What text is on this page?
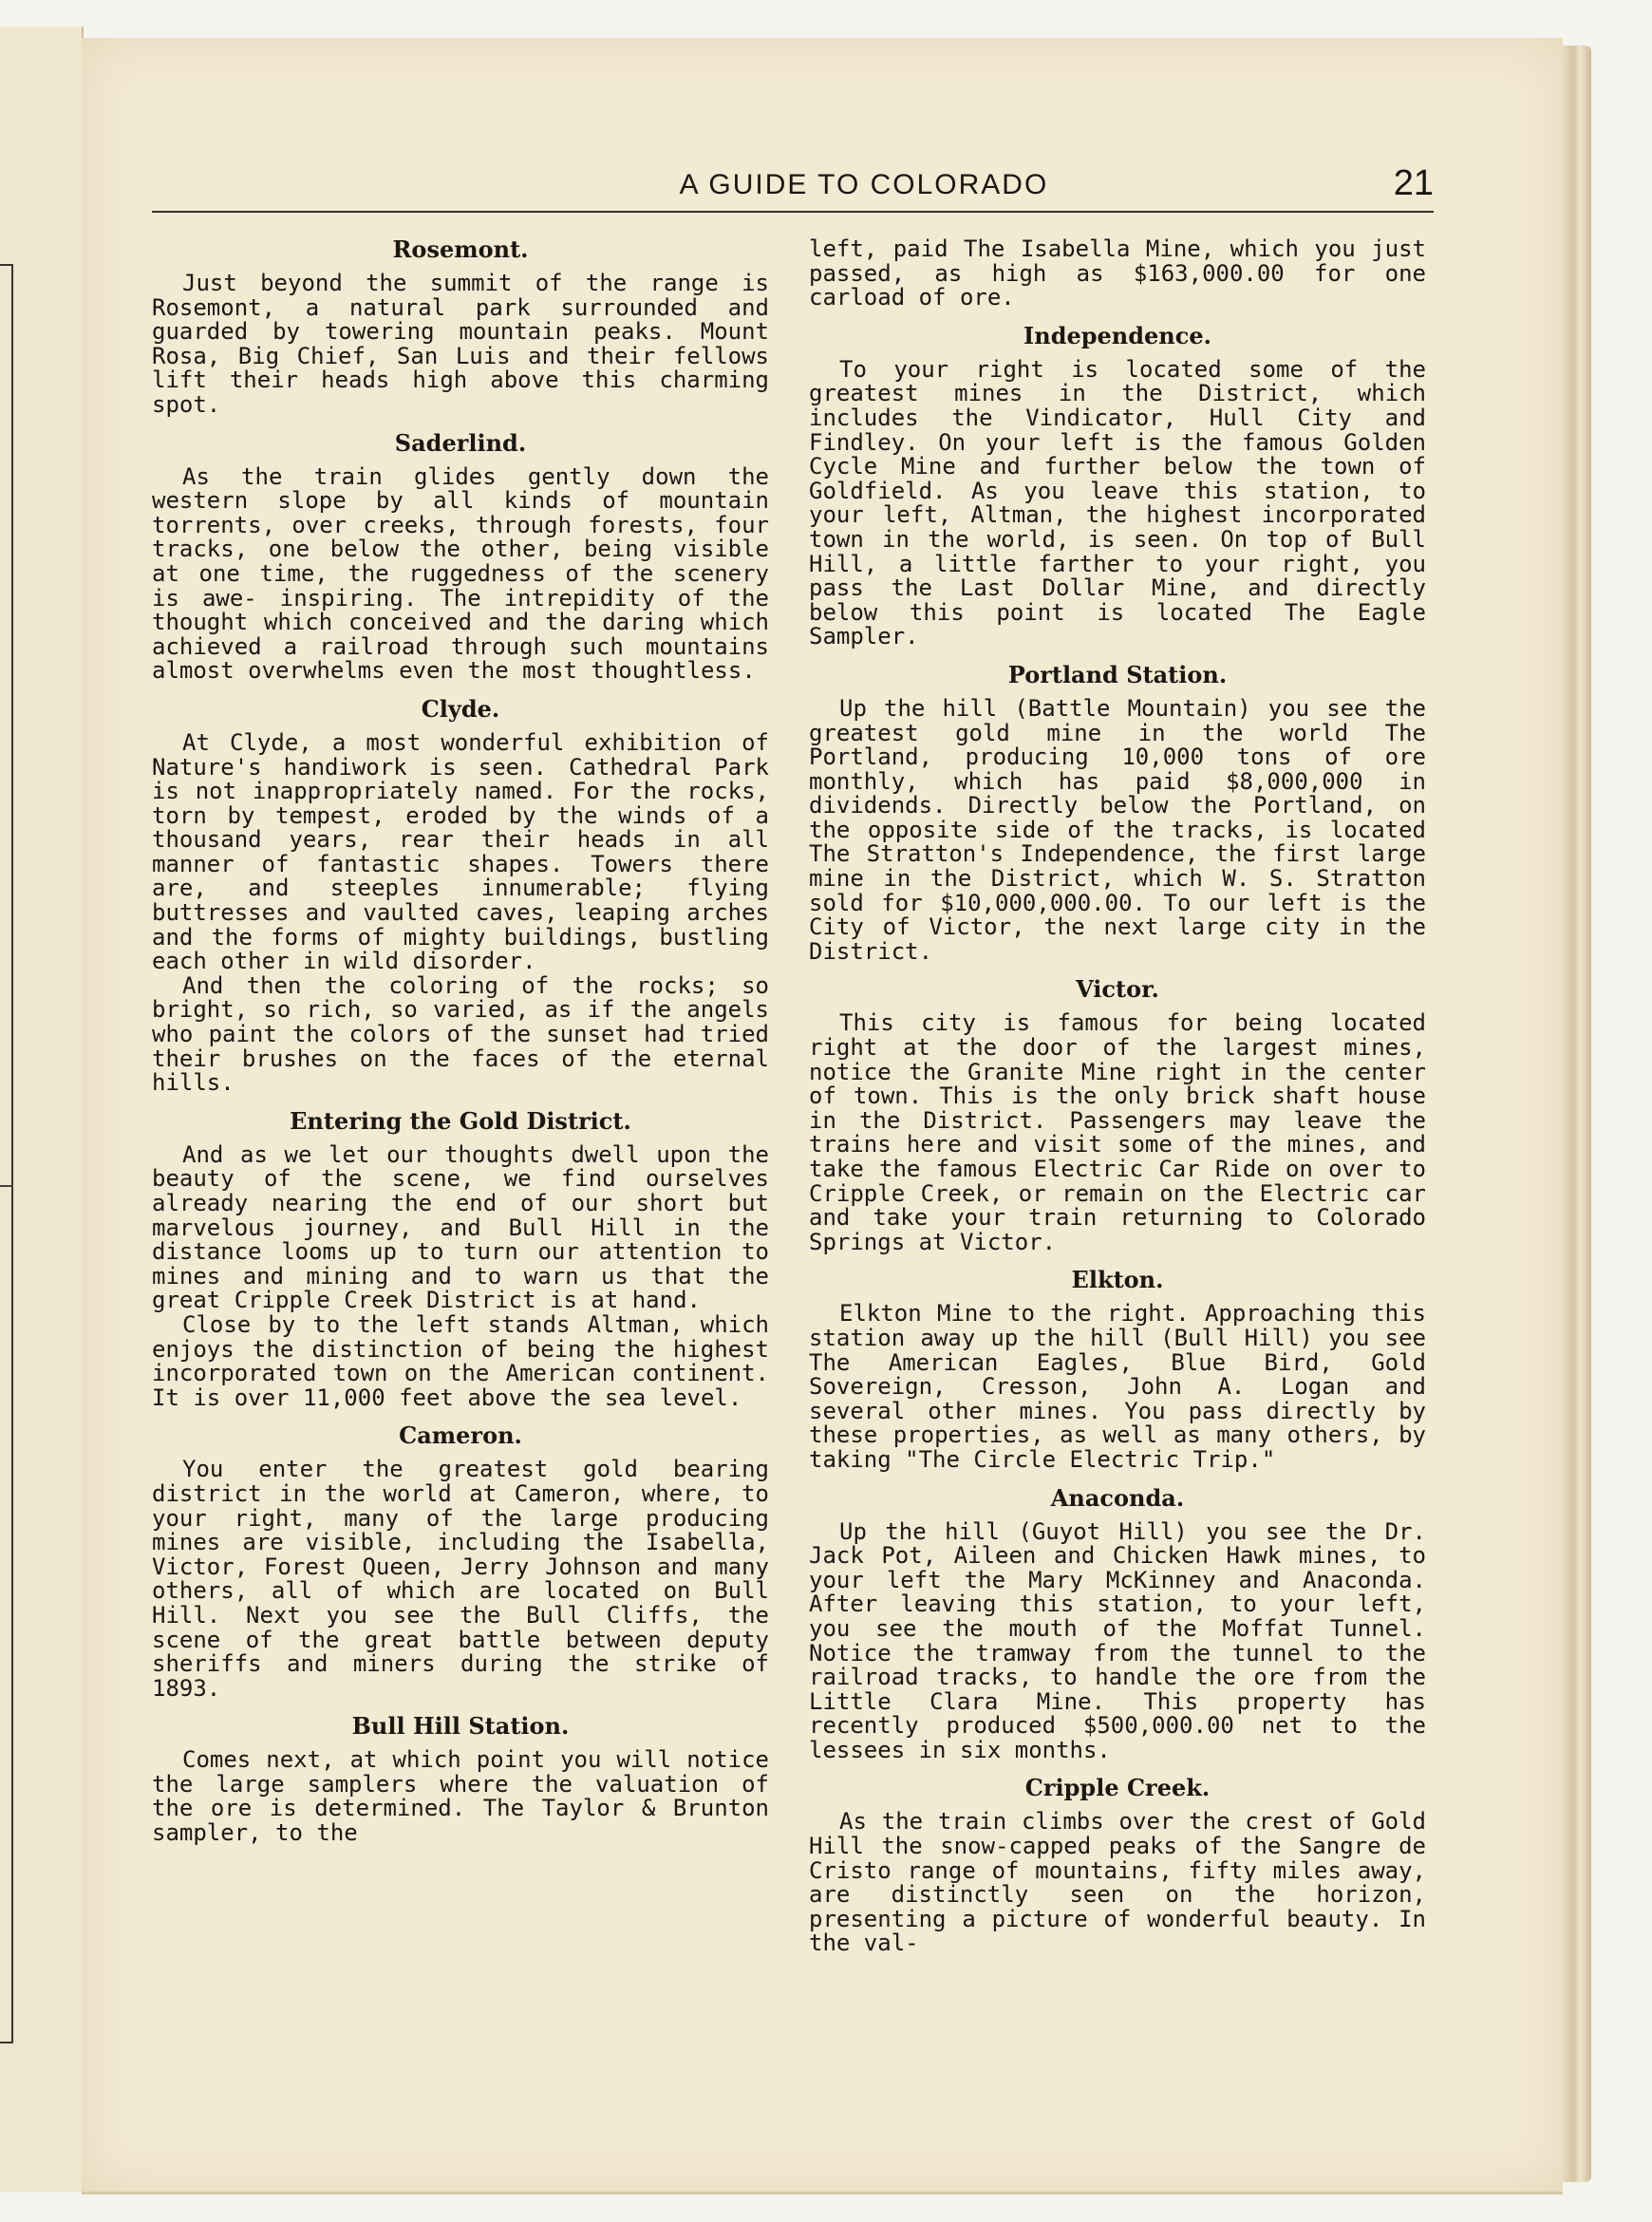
A GUIDE TO COLORADO	21
Rosemont.

Just beyond the summit of the range is Rosemont, a natural park surrounded and guarded by towering mountain peaks. Mount Rosa, Big Chief, San Luis and their fellows lift their heads high above this charming spot.

Saderlind.

As the train glides gently down the western slope by all kinds of mountain torrents, over creeks, through forests, four tracks, one below the other, being visible at one time, the ruggedness of the scenery is awe- inspiring. The intrepidity of the thought which conceived and the daring which achieved a railroad through such mountains almost overwhelms even the most thoughtless.

Clyde.

At Clyde, a most wonderful exhibition of Nature's handiwork is seen. Cathedral Park is not inappropriately named. For the rocks, torn by tempest, eroded by the winds of a thousand years, rear their heads in all manner of fantastic shapes. Towers there are, and steeples innumerable; flying buttresses and vaulted caves, leaping arches and the forms of mighty buildings, bustling each other in wild disorder.

And then the coloring of the rocks; so bright, so rich, so varied, as if the angels who paint the colors of the sunset had tried their brushes on the faces of the eternal hills.

Entering the Gold District.

And as we let our thoughts dwell upon the beauty of the scene, we find ourselves already nearing the end of our short but marvelous journey, and Bull Hill in the distance looms up to turn our attention to mines and mining and to warn us that the great Cripple Creek District is at hand.

Close by to the left stands Altman, which enjoys the distinction of being the highest incorporated town on the American continent. It is over 11,000 feet above the sea level.

Cameron.

You enter the greatest gold bearing district in the world at Cameron, where, to your right, many of the large producing mines are visible, including the Isabella, Victor, Forest Queen, Jerry Johnson and many others, all of which are located on Bull Hill. Next you see the Bull Cliffs, the scene of the great battle between deputy sheriffs and miners during the strike of 1893.

Bull Hill Station.

Comes next, at which point you will notice the large samplers where the valuation of the ore is determined. The Taylor & Brunton sampler, to the

left, paid The Isabella Mine, which you just passed, as high as $163,000.00 for one carload of ore.

Independence.

To your right is located some of the greatest mines in the District, which includes the Vindicator, Hull City and Findley. On your left is the famous Golden Cycle Mine and further below the town of Goldfield. As you leave this station, to your left, Altman, the highest incorporated town in the world, is seen. On top of Bull Hill, a little farther to your right, you pass the Last Dollar Mine, and directly below this point is located The Eagle Sampler.

Portland Station.

Up the hill (Battle Mountain) you see the greatest gold mine in the world The Portland, producing 10,000 tons of ore monthly, which has paid $8,000,000 in dividends. Directly below the Portland, on the opposite side of the tracks, is located The Stratton's Independence, the first large mine in the District, which W. S. Stratton sold for $10,000,000.00. To our left is the City of Victor, the next large city in the District.

Victor.

This city is famous for being located right at the door of the largest mines, notice the Granite Mine right in the center of town. This is the only brick shaft house in the District. Passengers may leave the trains here and visit some of the mines, and take the famous Electric Car Ride on over to Cripple Creek, or remain on the Electric car and take your train returning to Colorado Springs at Victor.

Elkton.

Elkton Mine to the right. Approaching this station away up the hill (Bull Hill) you see The American Eagles, Blue Bird, Gold Sovereign, Cresson, John A. Logan and several other mines. You pass directly by these properties, as well as many others, by taking "The Circle Electric Trip."

Anaconda.

Up the hill (Guyot Hill) you see the Dr. Jack Pot, Aileen and Chicken Hawk mines, to your left the Mary McKinney and Anaconda. After leaving this station, to your left, you see the mouth of the Moffat Tunnel. Notice the tramway from the tunnel to the railroad tracks, to handle the ore from the Little Clara Mine. This property has recently produced $500,000.00 net to the lessees in six months.

Cripple Creek.

As the train climbs over the crest of Gold Hill the snow-capped peaks of the Sangre de Cristo range of mountains, fifty miles away, are distinctly seen on the horizon, presenting a picture of wonderful beauty. In the val-
